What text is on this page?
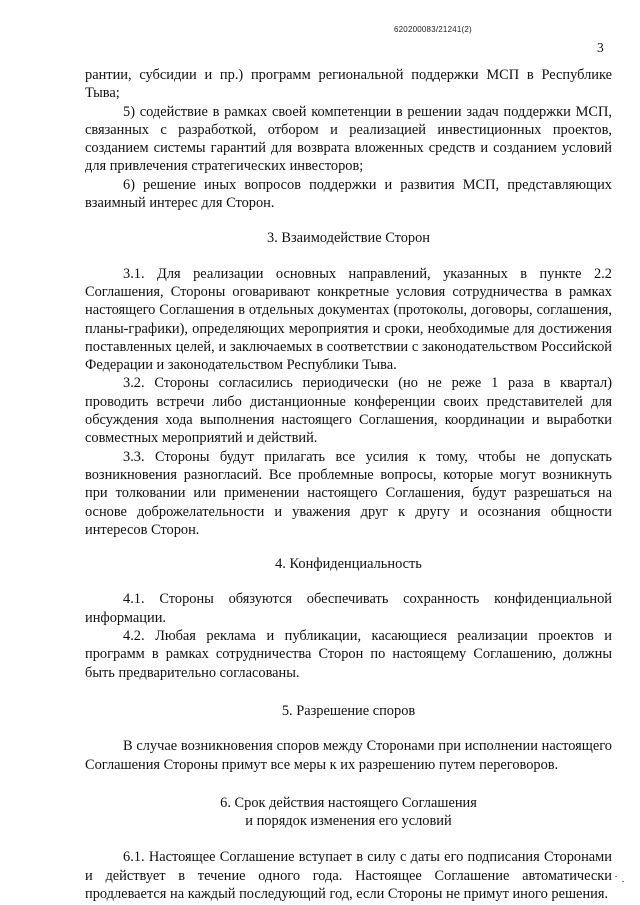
620200083/21241(2)
3

рантии, субсидии и пр.) программ региональной поддержки МСП в Республике Тыва;

5) содействие в рамках своей компетенции в решении задач поддержки МСП, связанных с разработкой, отбором и реализацией инвестиционных проектов, созданием системы гарантий для возврата вложенных средств и созданием условий для привлечения стратегических инвесторов;

6) решение иных вопросов поддержки и развития МСП, представляющих взаимный интерес для Сторон.

3. Взаимодействие Сторон

3.1. Для реализации основных направлений, указанных в пункте 2.2 Соглашения, Стороны оговаривают конкретные условия сотрудничества в рамках настоящего Соглашения в отдельных документах (протоколы, договоры, соглашения, планы-графики), определяющих мероприятия и сроки, необходимые для достижения поставленных целей, и заключаемых в соответствии с законодательством Российской Федерации и законодательством Республики Тыва.

3.2. Стороны согласились периодически (но не реже 1 раза в квартал) проводить встречи либо дистанционные конференции своих представителей для обсуждения хода выполнения настоящего Соглашения, координации и выработки совместных мероприятий и действий.

3.3. Стороны будут прилагать все усилия к тому, чтобы не допускать возникновения разногласий. Все проблемные вопросы, которые могут возникнуть при толковании или применении настоящего Соглашения, будут разрешаться на основе доброжелательности и уважения друг к другу и осознания общности интересов Сторон.

4. Конфиденциальность

4.1. Стороны обязуются обеспечивать сохранность конфиденциальной информации.

4.2. Любая реклама и публикации, касающиеся реализации проектов и программ в рамках сотрудничества Сторон по настоящему Соглашению, должны быть предварительно согласованы.

5. Разрешение споров

В случае возникновения споров между Сторонами при исполнении настоящего Соглашения Стороны примут все меры к их разрешению путем переговоров.

6. Срок действия настоящего Соглашения
и порядок изменения его условий

6.1. Настоящее Соглашение вступает в силу с даты его подписания Сторонами и действует в течение одного года. Настоящее Соглашение автоматически продлевается на каждый последующий год, если Стороны не примут иного решения.
